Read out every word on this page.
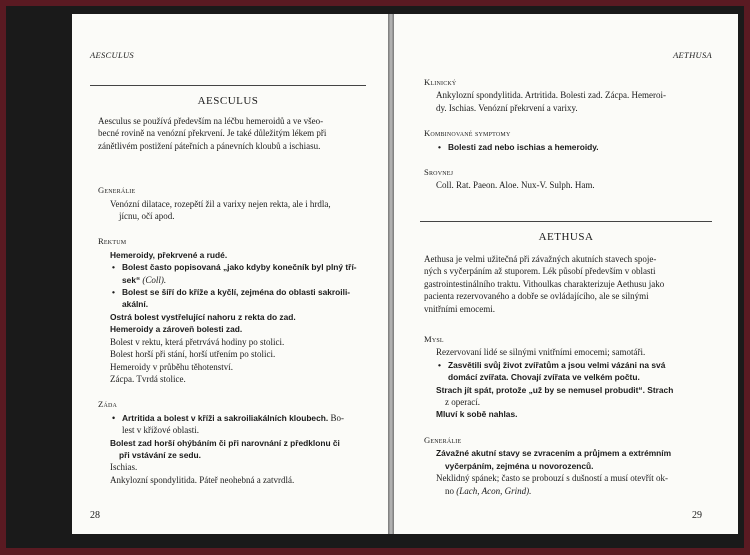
AESCULUS
AESCULUS
Aesculus se používá především na léčbu hemeroidů a ve všeo-
becné rovině na venózní překrvení. Je také důležitým lékem při
zánětlivém postižení páteřních a pánevních kloubů a ischiasu.
Generálie
Venózní dilatace, rozepětí žil a varixy nejen rekta, ale i hrdla,
jícnu, očí apod.
Rektum
Hemeroidy, překrvené a rudé.
• Bolest často popisovaná „jako kdyby konečník byl plný tří-
sek“ (Coll).
• Bolest se šíří do kříže a kyčlí, zejména do oblasti sakroili-
akální.
Ostrá bolest vystřelující nahoru z rekta do zad.
Hemeroidy a zároveň bolesti zad.
Bolest v rektu, která přetrvává hodiny po stolici.
Bolest horší při stání, horší utřením po stolici.
Hemeroidy v průběhu těhotenství.
Zácpa. Tvrdá stolice.
Záda
• Artritida a bolest v kříži a sakroiliakálních kloubech. Bo-
lest v křížové oblasti.
Bolest zad horší ohýbáním či při narovnání z předklonu či
při vstávání ze sedu.
Ischias.
Ankylozní spondylitida. Páteř neohebná a zatvrdlá.
28
AETHUSA
Klinický
Ankylozní spondylitida. Artritida. Bolesti zad. Zácpa. Hemeroi-
dy. Ischias. Venózní překrvení a varixy.
Kombinované symptomy
• Bolesti zad nebo ischias a hemeroidy.
Srovnej
Coll. Rat. Paeon. Aloe. Nux-V. Sulph. Ham.
AETHUSA
Aethusa je velmi užitečná při závažných akutních stavech spoje-
ných s vyčerpáním až stuporem. Lék působí především v oblasti
gastrointestinálního traktu. Vithoulkas charakterizuje Aethusu jako
pacienta rezervovaného a dobře se ovládajícího, ale se silnými
vnitřními emocemi.
Mysl
Rezervovaní lidé se silnými vnitřními emocemi; samotáři.
• Zasvětili svůj život zvířatům a jsou velmi vázáni na svá
domácí zvířata. Chovají zvířata ve velkém počtu.
Strach jít spát, protože „už by se nemusel probudit“. Strach
z operací.
Mluví k sobě nahlas.
Generálie
Závažné akutní stavy se zvracením a průjmem a extrémním
vyčerpáním, zejména u novorozenců.
Neklidný spánek; často se probouzí s dušností a musí otevřít ok-
no (Lach, Acon, Grind).
29
